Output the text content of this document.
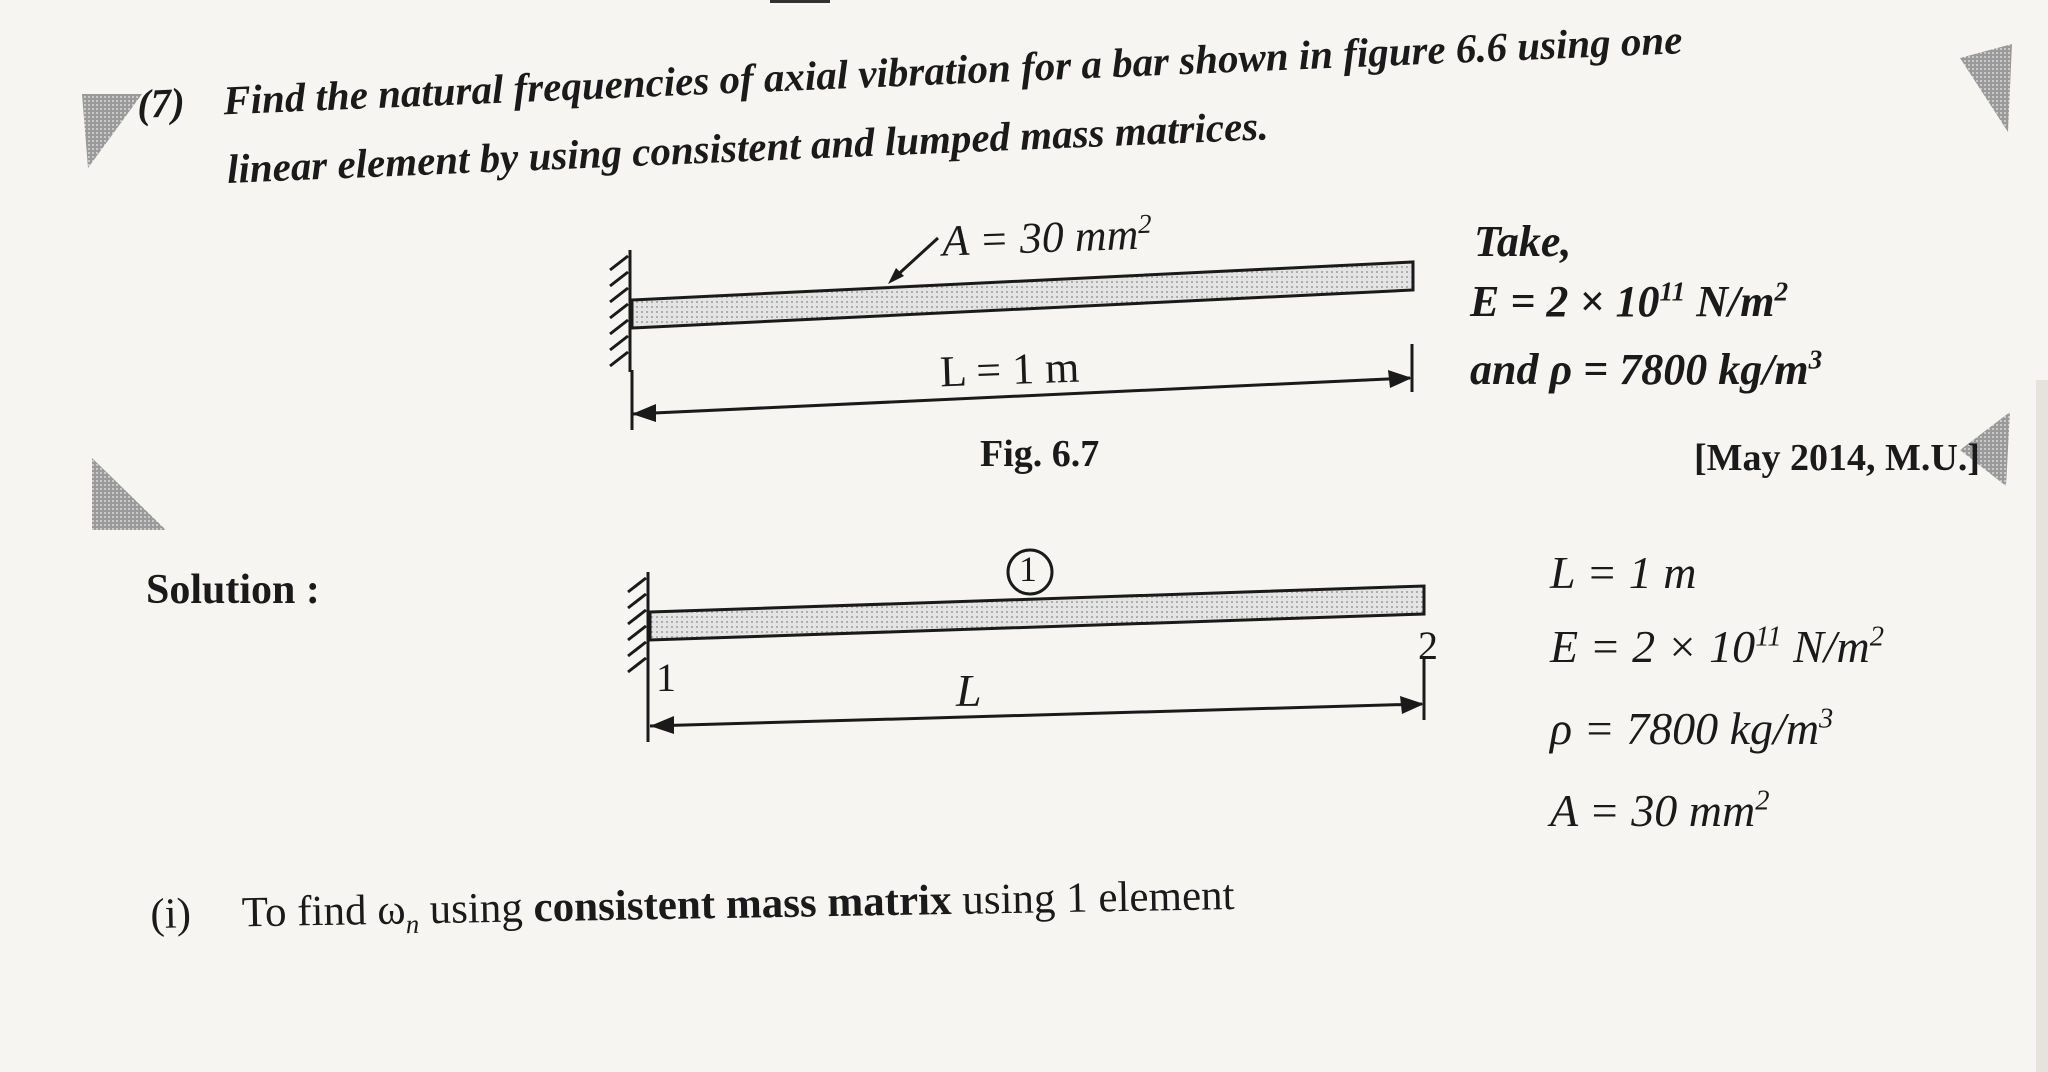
(7) Find the natural frequencies of axial vibration for a bar shown in figure 6.6 using one
linear element by using consistent and lumped mass matrices.
A = 30 $mm^2$
L = 1 m
Fig. 6.7
Take,
$E = 2 \times 10^{11}$ $N/m^2$
and ρ = 7800 $kg/m^3$
[May 2014, M.U.]
Solution :	1
1
2
L
L = 1 m
$E = 2 \times 10^{11}$ $N/m^2$
ρ = 7800 $kg/m^3$
A = 30 $mm^2$
(i) To find $\omega_n$ using consistent mass matrix using 1 element
